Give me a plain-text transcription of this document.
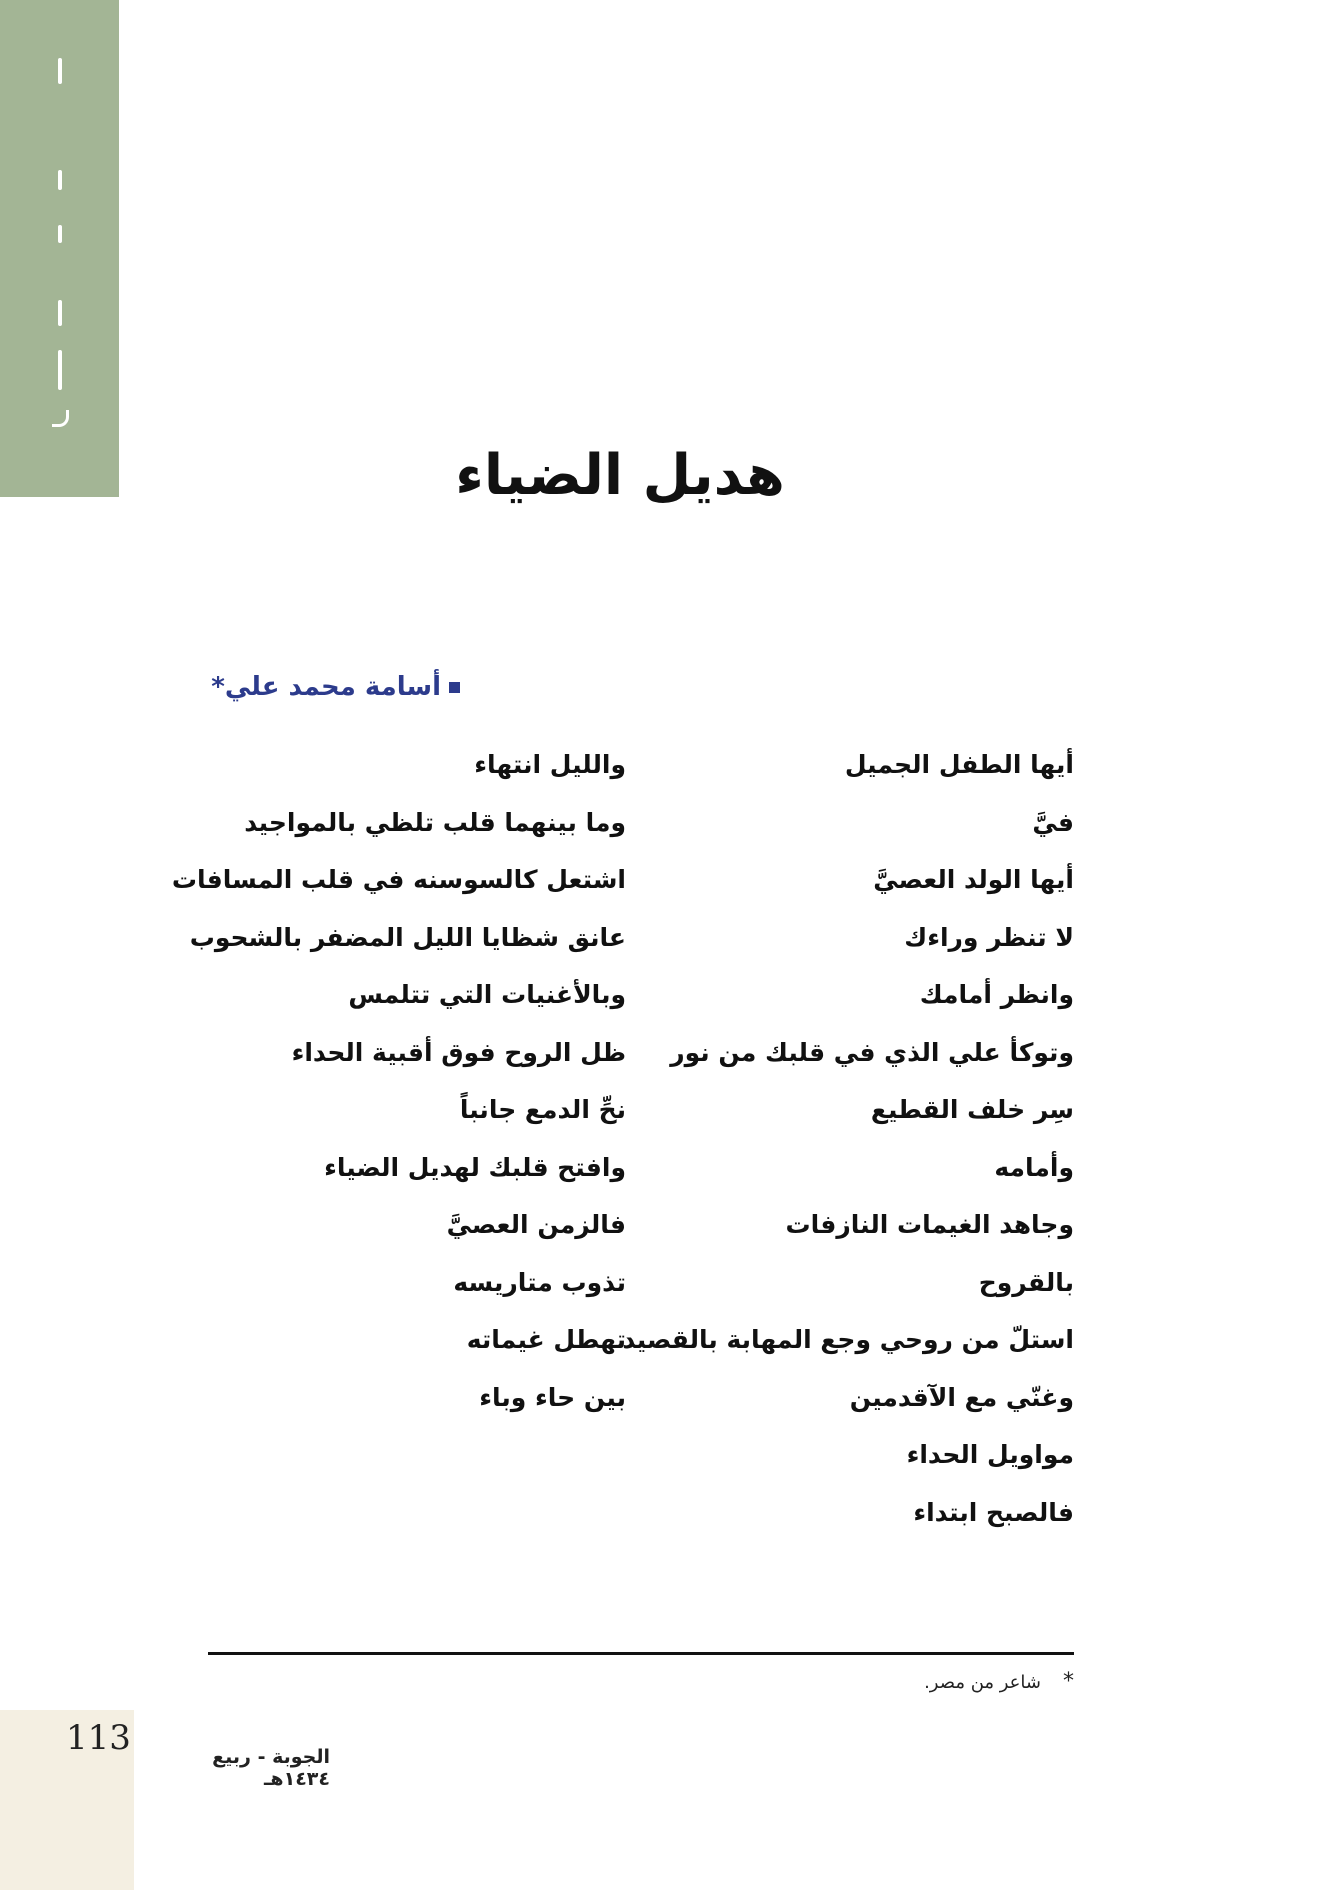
هديل الضياء
أسامة محمد علي*
أيها الطفل الجميل
فيَّ
أيها الولد العصيَّ
لا تنظر وراءك
وانظر أمامك
وتوكأ علي الذي في قلبك من نور
سِر خلف القطيع
وأمامه
وجاهد الغيمات النازفات
بالقروح
استلّ من روحي وجع المهابة بالقصيد
وغنّي مع الآقدمين
مواويل الحداء
فالصبح ابتداء
والليل انتهاء
وما بينهما قلب تلظي بالمواجيد
اشتعل كالسوسنه في قلب المسافات
عانق شظايا الليل المضفر بالشحوب
وبالأغنيات التي تتلمس
ظل الروح فوق أقبية الحداء
نحِّ الدمع جانباً
وافتح قلبك لهديل الضياء
فالزمن العصيَّ
تذوب متاريسه
تهطل غيماته
بين حاء وباء
*شاعر من مصر.
113	الجوبة - ربيع ١٤٣٤هـ
